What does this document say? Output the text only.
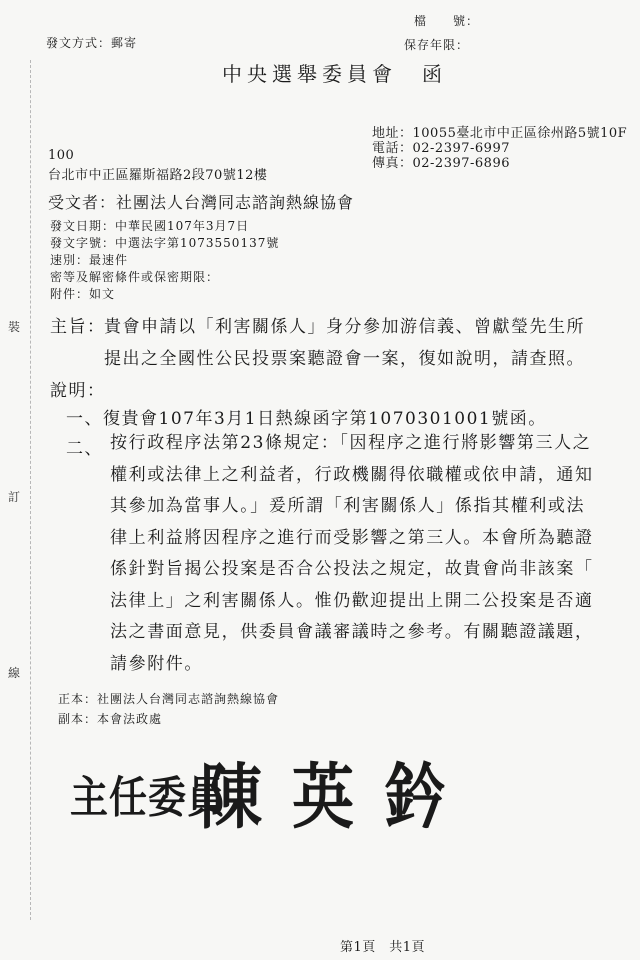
裝
訂
線
發文方式：郵寄
檔　　號：
保存年限：
中央選舉委員會　函
地址：10055臺北市中正區徐州路5號10F
電話：02-2397-6997
傳真：02-2397-6896
100
台北市中正區羅斯福路2段70號12樓
受文者：社團法人台灣同志諮詢熱線協會
發文日期：中華民國107年3月7日
發文字號：中選法字第1073550137號
速別：最速件
密等及解密條件或保密期限：
附件：如文
主旨：
貴會申請以「利害關係人」身分參加游信義、曾獻瑩先生所
提出之全國性公民投票案聽證會一案，復如說明，請查照。
說明：
一、復貴會107年3月1日熱線函字第1070301001號函。
二、 按行政程序法第23條規定：「因程序之進行將影響第三人之
權利或法律上之利益者，行政機關得依職權或依申請，通知
其參加為當事人。」爰所謂「利害關係人」係指其權利或法
律上利益將因程序之進行而受影響之第三人。本會所為聽證
係針對旨揭公投案是否合公投法之規定，故貴會尚非該案「
法律上」之利害關係人。惟仍歡迎提出上開二公投案是否適
法之書面意見，供委員會議審議時之參考。有關聽證議題，
請參附件。
正本：社團法人台灣同志諮詢熱線協會
副本：本會法政處
主任委員
陳英鈐
第1頁　共1頁
